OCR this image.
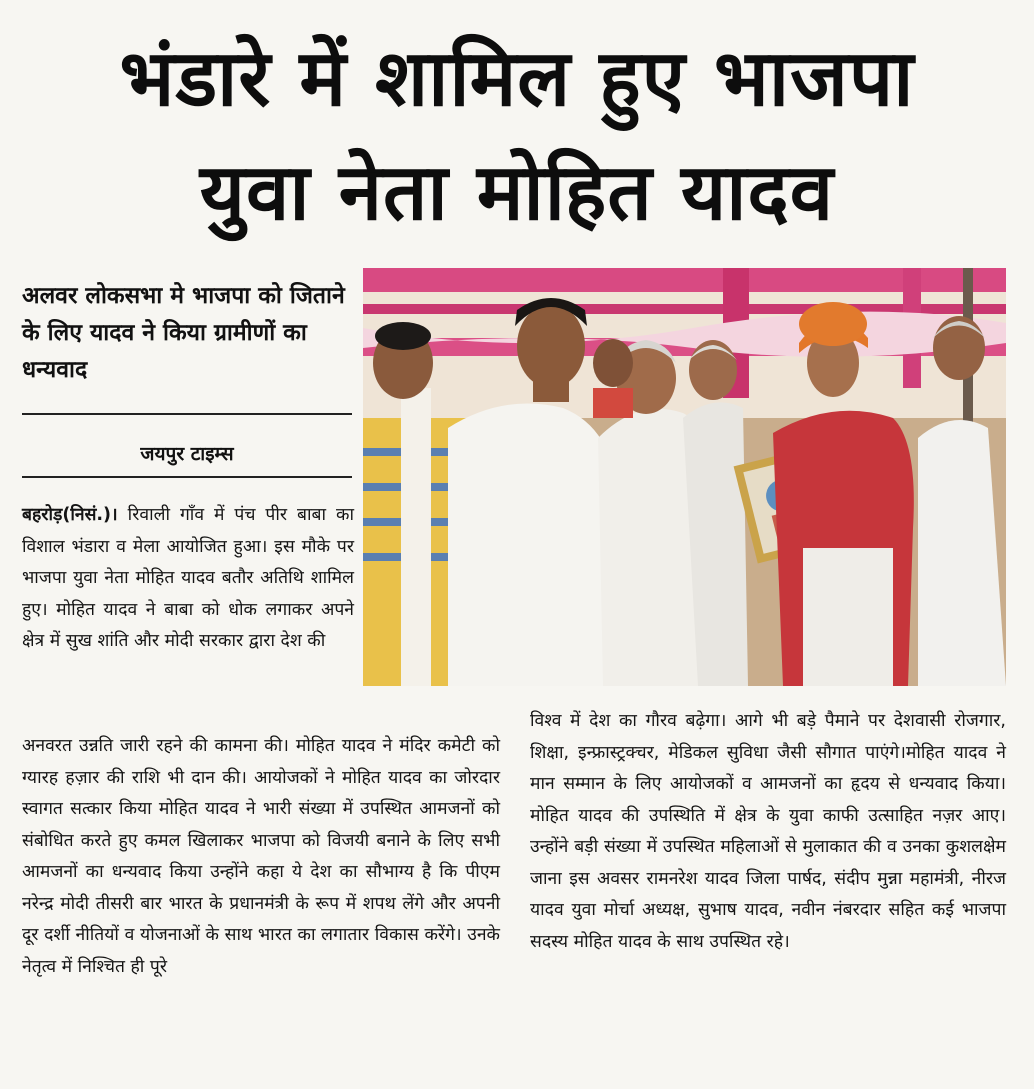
भंडारे में शामिल हुए भाजपा
युवा नेता मोहित यादव
अलवर लोकसभा मे भाजपा को जिताने के लिए यादव ने किया ग्रामीणों का धन्यवाद
जयपुर टाइम्स
बहरोड़(निसं.)। रिवाली गाँव में पंच पीर बाबा का विशाल भंडारा व मेला आयोजित हुआ। इस मौके पर भाजपा युवा नेता मोहित यादव बतौर अतिथि शामिल हुए। मोहित यादव ने बाबा को धोक लगाकर अपने क्षेत्र में सुख शांति और मोदी सरकार द्वारा देश की
अनवरत उन्नति जारी रहने की कामना की। मोहित यादव ने मंदिर कमेटी को ग्यारह हज़ार की राशि भी दान की। आयोजकों ने मोहित यादव का जोरदार स्वागत सत्कार किया मोहित यादव ने भारी संख्या में उपस्थित आमजनों को संबोधित करते हुए कमल खिलाकर भाजपा को विजयी बनाने के लिए सभी आमजनों का धन्यवाद किया उन्होंने कहा ये देश का सौभाग्य है कि पीएम नरेन्द्र मोदी तीसरी बार भारत के प्रधानमंत्री के रूप में शपथ लेंगे और अपनी दूर दर्शी नीतियों व योजनाओं के साथ भारत का लगातार विकास करेंगे। उनके नेतृत्व में निश्चित ही पूरे
विश्व में देश का गौरव बढ़ेगा। आगे भी बड़े पैमाने पर देशवासी रोजगार, शिक्षा, इन्फ्रास्ट्रक्चर, मेडिकल सुविधा जैसी सौगात पाएंगे।मोहित यादव ने मान सम्मान के लिए आयोजकों व आमजनों का हृदय से धन्यवाद किया। मोहित यादव की उपस्थिति में क्षेत्र के युवा काफी उत्साहित नज़र आए। उन्होंने बड़ी संख्या में उपस्थित महिलाओं से मुलाकात की व उनका कुशलक्षेम जाना इस अवसर रामनरेश यादव जिला पार्षद, संदीप मुन्ना महामंत्री, नीरज यादव युवा मोर्चा अध्यक्ष, सुभाष यादव, नवीन नंबरदार सहित कई भाजपा सदस्य मोहित यादव के साथ उपस्थित रहे।
